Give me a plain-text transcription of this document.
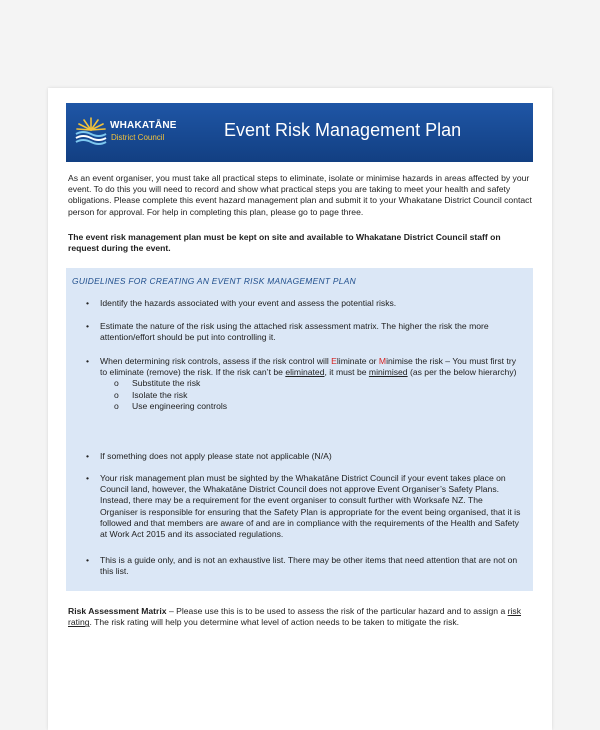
WHAKATĀNE
District Council	Event Risk Management Plan

As an event organiser, you must take all practical steps to eliminate, isolate or minimise hazards in areas affected by your event. To do this you will need to record and show what practical steps you are taking to meet your health and safety obligations. Please complete this event hazard management plan and submit it to your Whakatane District Council contact person for approval. For help in completing this plan, please go to page three.

The event risk management plan must be kept on site and available to Whakatane District Council staff on request during the event.

GUIDELINES FOR CREATING AN EVENT RISK MANAGEMENT PLAN
•	Identify the hazards associated with your event and assess the potential risks.
•	Estimate the nature of the risk using the attached risk assessment matrix. The higher the risk the more attention/effort should be put into controlling it.
•	When determining risk controls, assess if the risk control will Eliminate or Minimise the risk – You must first try to eliminate (remove) the risk. If the risk can’t be eliminated, it must be minimised (as per the below hierarchy)
o Substitute the risk
o Isolate the risk
o Use engineering controls
•	If something does not apply please state not applicable (N/A)
•	Your risk management plan must be sighted by the Whakatāne District Council if your event takes place on Council land, however, the Whakatāne District Council does not approve Event Organiser’s Safety Plans. Instead, there may be a requirement for the event organiser to consult further with Worksafe NZ. The Organiser is responsible for ensuring that the Safety Plan is appropriate for the event being organised, that it is followed and that members are aware of and are in compliance with the requirements of the Health and Safety at Work Act 2015 and its associated regulations.
•	This is a guide only, and is not an exhaustive list. There may be other items that need attention that are not on this list.

Risk Assessment Matrix – Please use this is to be used to assess the risk of the particular hazard and to assign a risk rating. The risk rating will help you determine what level of action needs to be taken to mitigate the risk.
